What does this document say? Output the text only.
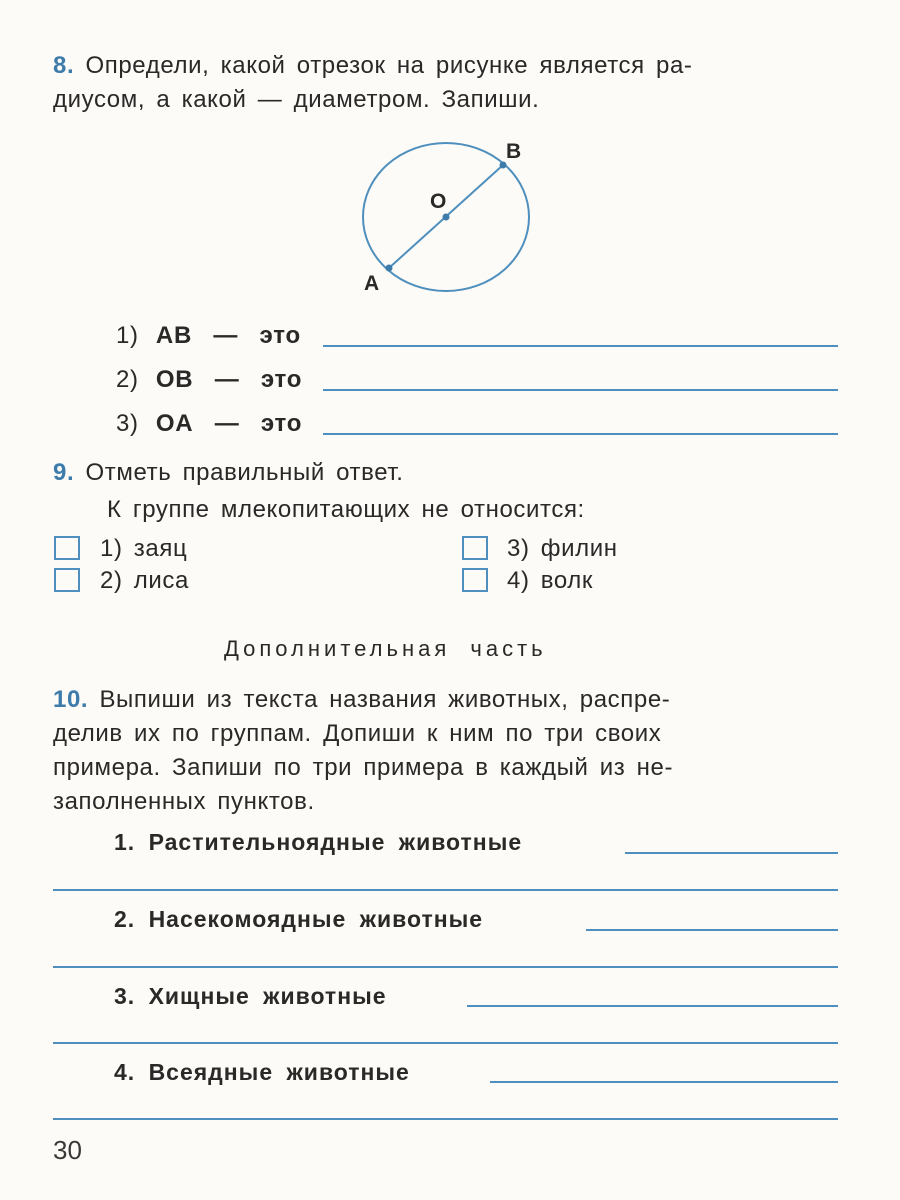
8. Определи, какой отрезок на рисунке является ра-
диусом, а какой — диаметром. Запиши.
B
O
A
1) AB — это
2) OB — это
3) OA — это
9. Отметь правильный ответ.
К группе млекопитающих не относится:
1) заяц
2) лиса
3) филин
4) волк
Дополнительная часть
10. Выпиши из текста названия животных, распре-
делив их по группам. Допиши к ним по три своих
примера. Запиши по три примера в каждый из не-
заполненных пунктов.
1. Растительноядные животные
2. Насекомоядные животные
3. Хищные животные
4. Всеядные животные
30
